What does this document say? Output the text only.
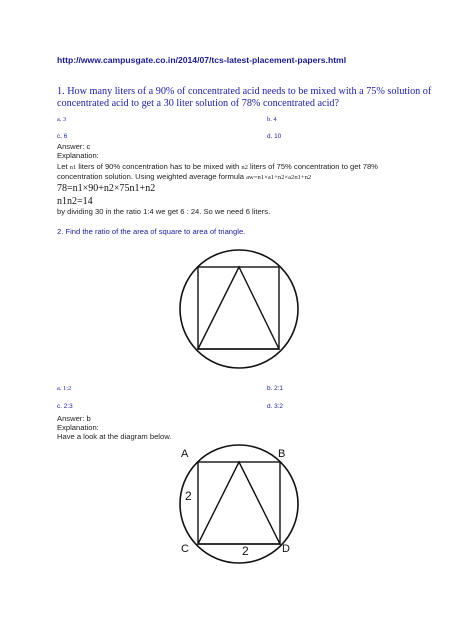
http://www.campusgate.co.in/2014/07/tcs-latest-placement-papers.html
1. How many liters of a 90% of concentrated acid needs to be mixed with a 75% solution of
concentrated acid to get a 30 liter solution of 78% concentrated acid?
a. 3	b. 4
c. 6	d. 10
Answer: c
Explanation:
Let n1 liters of 90% concentration has to be mixed with n2 liters of 75% concentration to get 78%
concentration solution. Using weighted average formula aw=n1×a1+n2×a2n1+n2
78=n1×90+n2×75n1+n2
n1n2=14
by dividing 30 in the ratio 1:4 we get 6 : 24. So we need 6 liters.
2. Find the ratio of the area of square to area of triangle.
a. 1:2	b. 2:1
c. 2:3	d. 3:2
Answer: b
Explanation:
Have a look at the diagram below.
A	B
C	D
2
2
